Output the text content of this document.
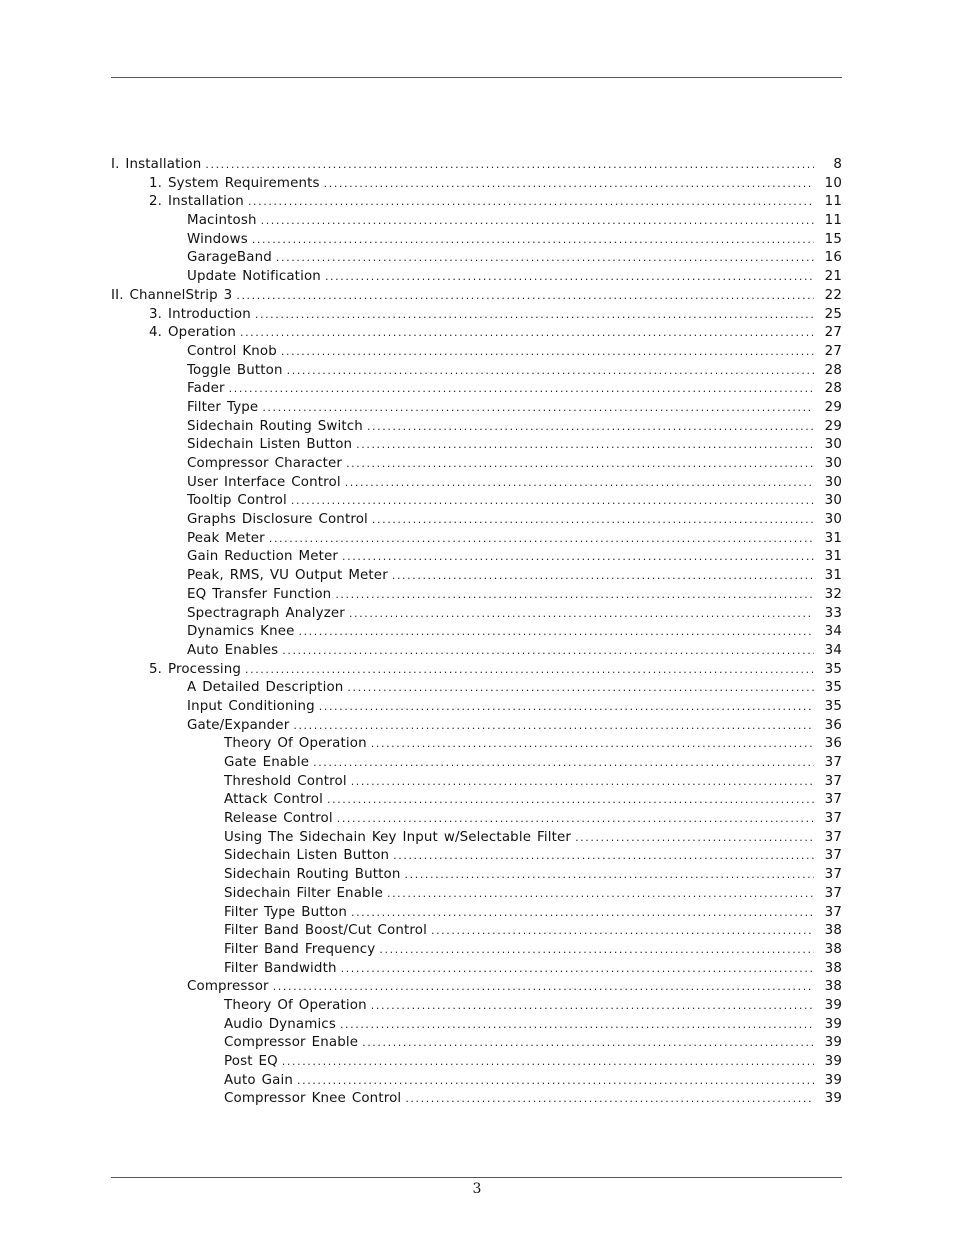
I. Installation .....	8
1. System Requirements .....	10
2. Installation .....	11
Macintosh .....	11
Windows .....	15
GarageBand .....	16
Update Notification .....	21
II. ChannelStrip 3 .....	22
3. Introduction .....	25
4. Operation .....	27
Control Knob .....	27
Toggle Button .....	28
Fader .....	28
Filter Type .....	29
Sidechain Routing Switch .....	29
Sidechain Listen Button .....	30
Compressor Character .....	30
User Interface Control .....	30
Tooltip Control .....	30
Graphs Disclosure Control .....	30
Peak Meter .....	31
Gain Reduction Meter .....	31
Peak, RMS, VU Output Meter .....	31
EQ Transfer Function .....	32
Spectragraph Analyzer .....	33
Dynamics Knee .....	34
Auto Enables .....	34
5. Processing .....	35
A Detailed Description .....	35
Input Conditioning .....	35
Gate/Expander .....	36
Theory Of Operation .....	36
Gate Enable .....	37
Threshold Control .....	37
Attack Control .....	37
Release Control .....	37
Using The Sidechain Key Input w/Selectable Filter .....	37
Sidechain Listen Button .....	37
Sidechain Routing Button .....	37
Sidechain Filter Enable .....	37
Filter Type Button .....	37
Filter Band Boost/Cut Control .....	38
Filter Band Frequency .....	38
Filter Bandwidth .....	38
Compressor .....	38
Theory Of Operation .....	39
Audio Dynamics .....	39
Compressor Enable .....	39
Post EQ .....	39
Auto Gain .....	39
Compressor Knee Control .....	39
3
